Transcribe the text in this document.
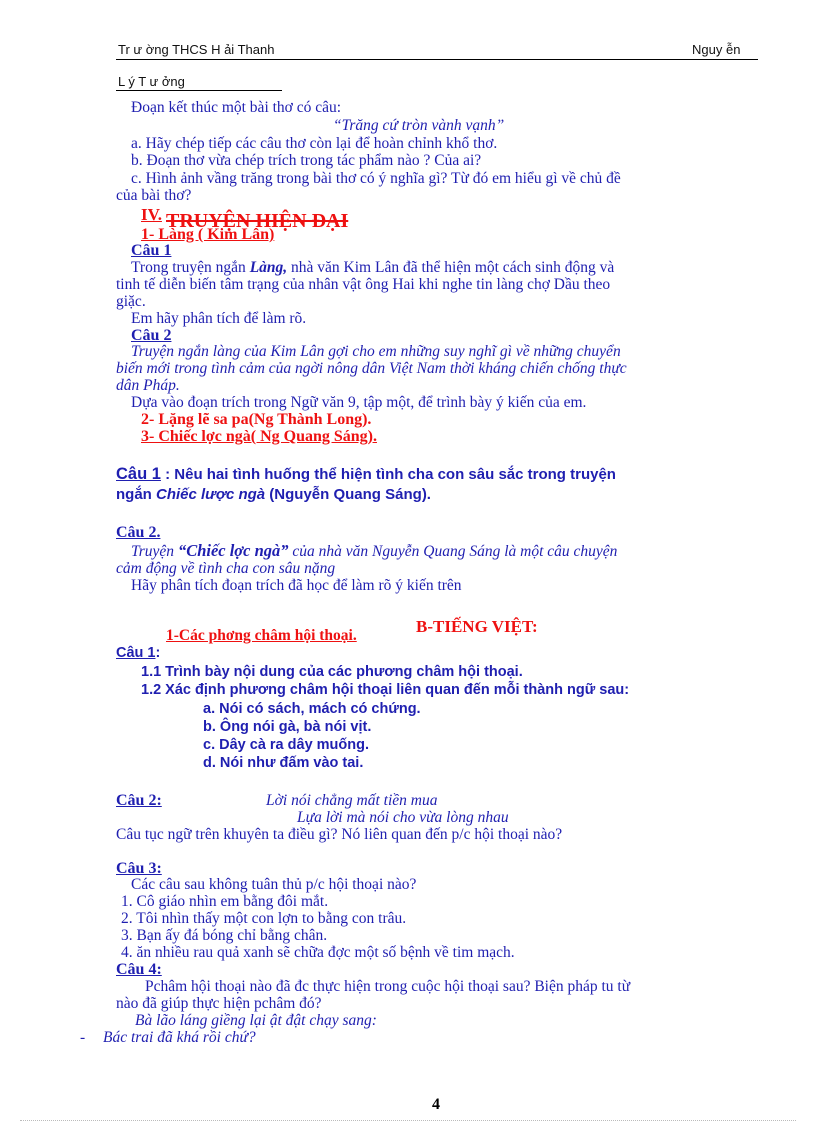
Tr ư ờng THCS H ải Thanh	Nguy ễn
L ý T ư ởng
Đoạn kết thúc một bài thơ có câu:
“Trăng cứ tròn vành vạnh”
a. Hãy chép tiếp các câu thơ còn lại để hoàn chỉnh khổ thơ.
b. Đoạn thơ vừa chép trích trong tác phẩm nào ? Của ai?
c. Hình ảnh vầng trăng trong bài thơ có ý nghĩa gì? Từ đó em hiểu gì về chủ đề
của bài thơ?
IV. TRUYỆN HIỆN ĐẠI
1- Làng ( Kim Lân)
Câu 1
Trong truyện ngắn Làng, nhà văn Kim Lân đã thể hiện một cách sinh động và
tinh tế diễn biến tâm trạng của nhân vật ông Hai khi nghe tin làng chợ Dầu theo
giặc.
Em hãy phân tích để làm rõ.
Câu 2
Truyện ngắn làng của Kim Lân gợi cho em những suy nghĩ gì về những chuyển
biến mới trong tình cảm của ngời nông dân Việt Nam thời kháng chiến chống thực
dân Pháp.
Dựa vào đoạn trích trong Ngữ văn 9, tập một, để trình bày ý kiến của em.
2- Lặng lẽ sa pa(Ng Thành Long).
3- Chiếc lợc ngà( Ng Quang Sáng).
Câu 1 : Nêu hai tình huống thể hiện tình cha con sâu sắc trong truyện
ngắn Chiếc lược ngà (Nguyễn Quang Sáng).
Câu 2.
Truyện “Chiếc lợc ngà” của nhà văn Nguyễn Quang Sáng là một câu chuyện
cảm động về tình cha con sâu nặng
Hãy phân tích đoạn trích đã học để làm rõ ý kiến trên
1-Các phơng châm hội thoại.	B-TIẾNG VIỆT:
Câu 1:
1.1 Trình bày nội dung của các phương châm hội thoại.
1.2 Xác định phương châm hội thoại liên quan đến mỗi thành ngữ sau:
a. Nói có sách, mách có chứng.
b. Ông nói gà, bà nói vịt.
c. Dây cà ra dây muống.
d. Nói như đấm vào tai.
Câu 2:	Lời nói chẳng mất tiền mua
Lựa lời mà nói cho vừa lòng nhau
Câu tục ngữ trên khuyên ta điều gì? Nó liên quan đến p/c hội thoại nào?
Câu 3:
Các câu sau không tuân thủ p/c hội thoại nào?
1. Cô giáo nhìn em bằng đôi mắt.
2. Tôi nhìn thấy một con lợn to bằng con trâu.
3. Bạn ấy đá bóng chỉ bằng chân.
4. ăn nhiều rau quả xanh sẽ chữa đợc một số bệnh về tim mạch.
Câu 4:
Pchâm hội thoại nào đã đc thực hiện trong cuộc hội thoại sau? Biện pháp tu từ
nào đã giúp thực hiện pchâm đó?
Bà lão láng giềng lại ật đật chạy sang:
- Bác trai đã khá rồi chứ?
4
